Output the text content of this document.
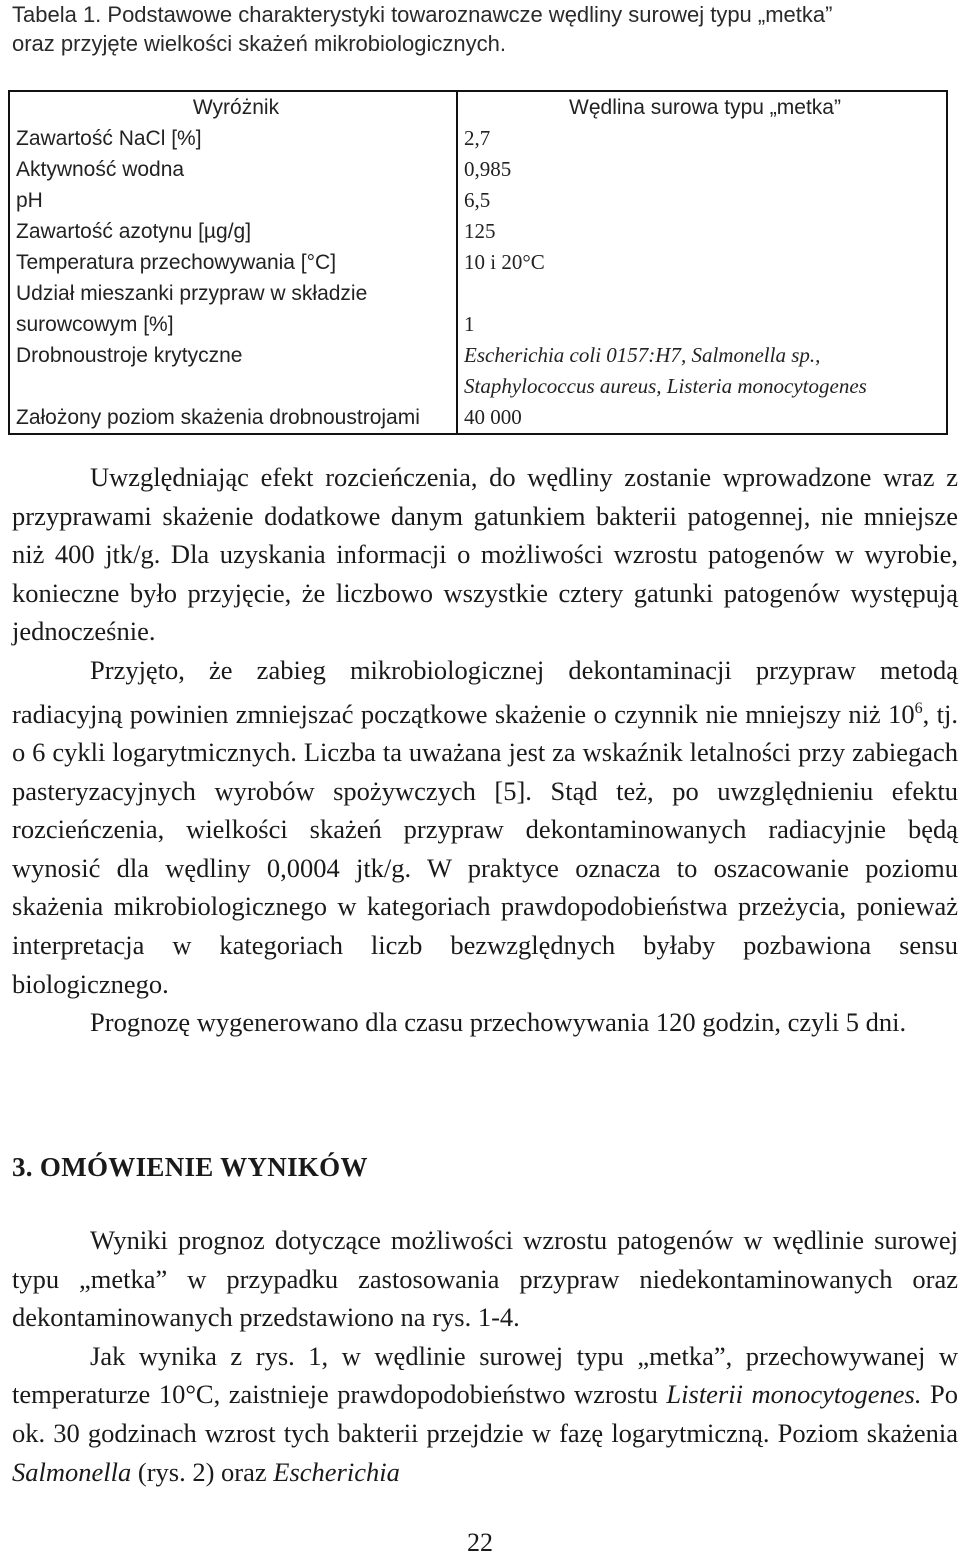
Tabela 1. Podstawowe charakterystyki towaroznawcze wędliny surowej typu „metka”
oraz przyjęte wielkości skażeń mikrobiologicznych.
Wyróżnik	Wędlina surowa typu „metka”
Zawartość NaCl [%]	2,7
Aktywność wodna	0,985
pH	6,5
Zawartość azotynu [µg/g]	125
Temperatura przechowywania [°C]	10 i 20°C
Udział mieszanki przypraw w składzie surowcowym [%]	1
Drobnoustroje krytyczne	Escherichia coli 0157:H7, Salmonella sp., Staphylococcus aureus, Listeria monocytogenes
Założony poziom skażenia drobnoustrojami	40 000

Uwzględniając efekt rozcieńczenia, do wędliny zostanie wprowadzone wraz z przyprawami skażenie dodatkowe danym gatunkiem bakterii patogennej, nie mniejsze niż 400 jtk/g. Dla uzyskania informacji o możliwości wzrostu patogenów w wyrobie, konieczne było przyjęcie, że liczbowo wszystkie cztery gatunki patogenów występują jednocześnie.

Przyjęto, że zabieg mikrobiologicznej dekontaminacji przypraw metodą radiacyjną powinien zmniejszać początkowe skażenie o czynnik nie mniejszy niż $10^6$, tj. o 6 cykli logarytmicznych. Liczba ta uważana jest za wskaźnik letalności przy zabiegach pasteryzacyjnych wyrobów spożywczych [5]. Stąd też, po uwzględnieniu efektu rozcieńczenia, wielkości skażeń przypraw dekontaminowanych radiacyjnie będą wynosić dla wędliny 0,0004 jtk/g. W praktyce oznacza to oszacowanie poziomu skażenia mikrobiologicznego w kategoriach prawdopodobieństwa przeżycia, ponieważ interpretacja w kategoriach liczb bezwzględnych byłaby pozbawiona sensu biologicznego.

Prognozę wygenerowano dla czasu przechowywania 120 godzin, czyli 5 dni.

3. OMÓWIENIE WYNIKÓW

Wyniki prognoz dotyczące możliwości wzrostu patogenów w wędlinie surowej typu „metka” w przypadku zastosowania przypraw niedekontaminowanych oraz dekontaminowanych przedstawiono na rys. 1-4.

Jak wynika z rys. 1, w wędlinie surowej typu „metka”, przechowywanej w temperaturze 10°C, zaistnieje prawdopodobieństwo wzrostu Listerii monocytogenes. Po ok. 30 godzinach wzrost tych bakterii przejdzie w fazę logarytmiczną. Poziom skażenia Salmonella (rys. 2) oraz Escherichia

22
